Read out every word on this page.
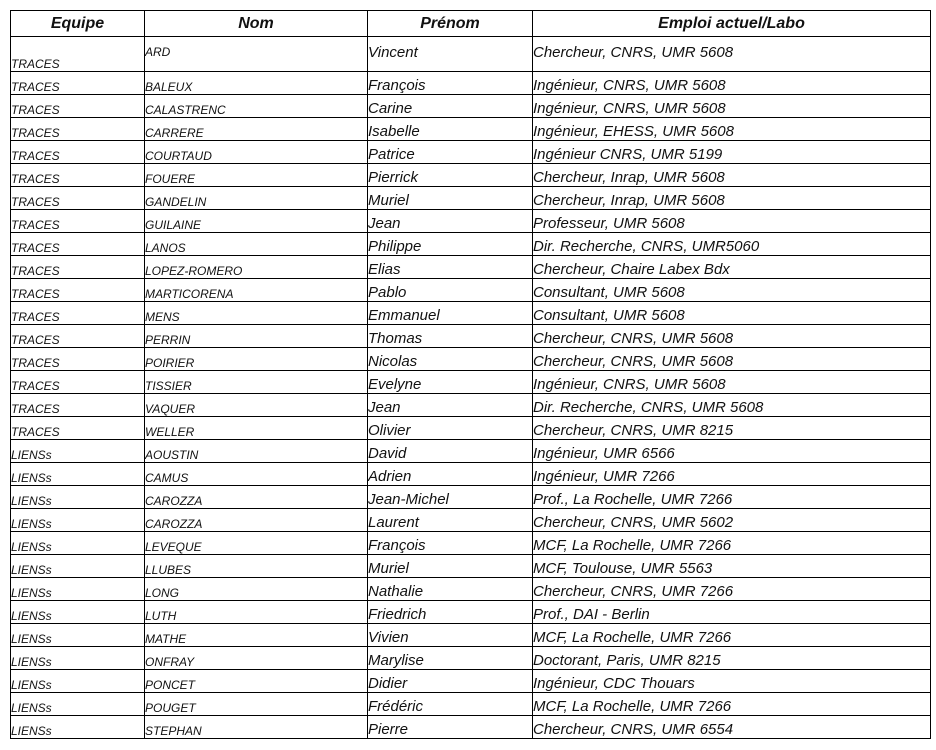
Equipe	Nom	Prénom	Emploi actuel/Labo
TRACES	ARD	Vincent	Chercheur, CNRS, UMR 5608
TRACES	BALEUX	François	Ingénieur, CNRS, UMR 5608
TRACES	CALASTRENC	Carine	Ingénieur, CNRS, UMR 5608
TRACES	CARRERE	Isabelle	Ingénieur, EHESS, UMR 5608
TRACES	COURTAUD	Patrice	Ingénieur CNRS, UMR 5199
TRACES	FOUERE	Pierrick	Chercheur, Inrap, UMR 5608
TRACES	GANDELIN	Muriel	Chercheur, Inrap, UMR 5608
TRACES	GUILAINE	Jean	Professeur, UMR 5608
TRACES	LANOS	Philippe	Dir. Recherche, CNRS, UMR5060
TRACES	LOPEZ-ROMERO	Elias	Chercheur, Chaire Labex Bdx
TRACES	MARTICORENA	Pablo	Consultant, UMR 5608
TRACES	MENS	Emmanuel	Consultant, UMR 5608
TRACES	PERRIN	Thomas	Chercheur, CNRS, UMR 5608
TRACES	POIRIER	Nicolas	Chercheur, CNRS, UMR 5608
TRACES	TISSIER	Evelyne	Ingénieur, CNRS, UMR 5608
TRACES	VAQUER	Jean	Dir. Recherche, CNRS, UMR 5608
TRACES	WELLER	Olivier	Chercheur, CNRS, UMR 8215
LIENSs	AOUSTIN	David	Ingénieur, UMR 6566
LIENSs	CAMUS	Adrien	Ingénieur, UMR 7266
LIENSs	CAROZZA	Jean-Michel	Prof., La Rochelle, UMR 7266
LIENSs	CAROZZA	Laurent	Chercheur, CNRS, UMR 5602
LIENSs	LEVEQUE	François	MCF, La Rochelle, UMR 7266
LIENSs	LLUBES	Muriel	MCF, Toulouse, UMR 5563
LIENSs	LONG	Nathalie	Chercheur, CNRS, UMR 7266
LIENSs	LUTH	Friedrich	Prof., DAI - Berlin
LIENSs	MATHE	Vivien	MCF, La Rochelle, UMR 7266
LIENSs	ONFRAY	Marylise	Doctorant, Paris, UMR 8215
LIENSs	PONCET	Didier	Ingénieur, CDC Thouars
LIENSs	POUGET	Frédéric	MCF, La Rochelle, UMR 7266
LIENSs	STEPHAN	Pierre	Chercheur, CNRS, UMR 6554
